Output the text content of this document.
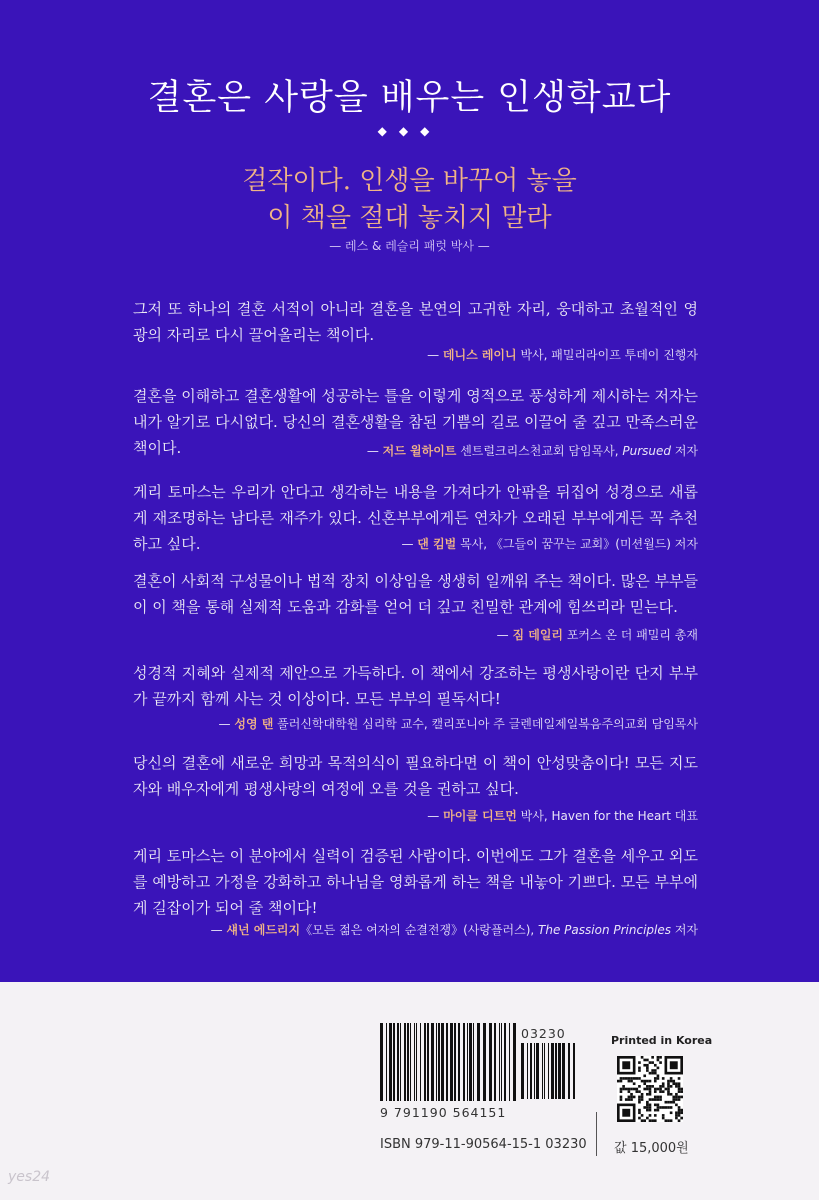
결혼은 사랑을 배우는 인생학교다
◆◆◆
걸작이다. 인생을 바꾸어 놓을
이 책을 절대 놓치지 말라
— 레스 & 레슬리 패럿 박사 —

그저 또 하나의 결혼 서적이 아니라 결혼을 본연의 고귀한 자리, 웅대하고 초월적인 영광의 자리로 다시 끌어올리는 책이다.

— 데니스 레이니 박사, 패밀리라이프 투데이 진행자

결혼을 이해하고 결혼생활에 성공하는 틀을 이렇게 영적으로 풍성하게 제시하는 저자는 내가 알기로 다시없다. 당신의 결혼생활을 참된 기쁨의 길로 이끌어 줄 깊고 만족스러운 책이다.	— 저드 윌하이트 센트럴크리스천교회 담임목사, Pursued 저자

게리 토마스는 우리가 안다고 생각하는 내용을 가져다가 안팎을 뒤집어 성경으로 새롭게 재조명하는 남다른 재주가 있다. 신혼부부에게든 연차가 오래된 부부에게든 꼭 추천하고 싶다.	— 댄 킴벌 목사, 《그들이 꿈꾸는 교회》(미션월드) 저자

결혼이 사회적 구성물이나 법적 장치 이상임을 생생히 일깨워 주는 책이다. 많은 부부들이 이 책을 통해 실제적 도움과 감화를 얻어 더 깊고 친밀한 관계에 힘쓰리라 믿는다.

— 짐 데일리 포커스 온 더 패밀리 총재

성경적 지혜와 실제적 제안으로 가득하다. 이 책에서 강조하는 평생사랑이란 단지 부부가 끝까지 함께 사는 것 이상이다. 모든 부부의 필독서다!

— 성영 탠 풀러신학대학원 심리학 교수, 캘리포니아 주 글렌데일제일복음주의교회 담임목사

당신의 결혼에 새로운 희망과 목적의식이 필요하다면 이 책이 안성맞춤이다! 모든 지도자와 배우자에게 평생사랑의 여정에 오를 것을 권하고 싶다.

— 마이클 디트먼 박사, Haven for the Heart 대표

게리 토마스는 이 분야에서 실력이 검증된 사람이다. 이번에도 그가 결혼을 세우고 외도를 예방하고 가정을 강화하고 하나님을 영화롭게 하는 책을 내놓아 기쁘다. 모든 부부에게 길잡이가 되어 줄 책이다!

— 섀넌 에드리지《모든 젊은 여자의 순결전쟁》(사랑플러스), The Passion Principles 저자
9 791190 564151
03230
ISBN 979-11-90564-15-1 03230
Printed in Korea
값 15,000원
yes24
